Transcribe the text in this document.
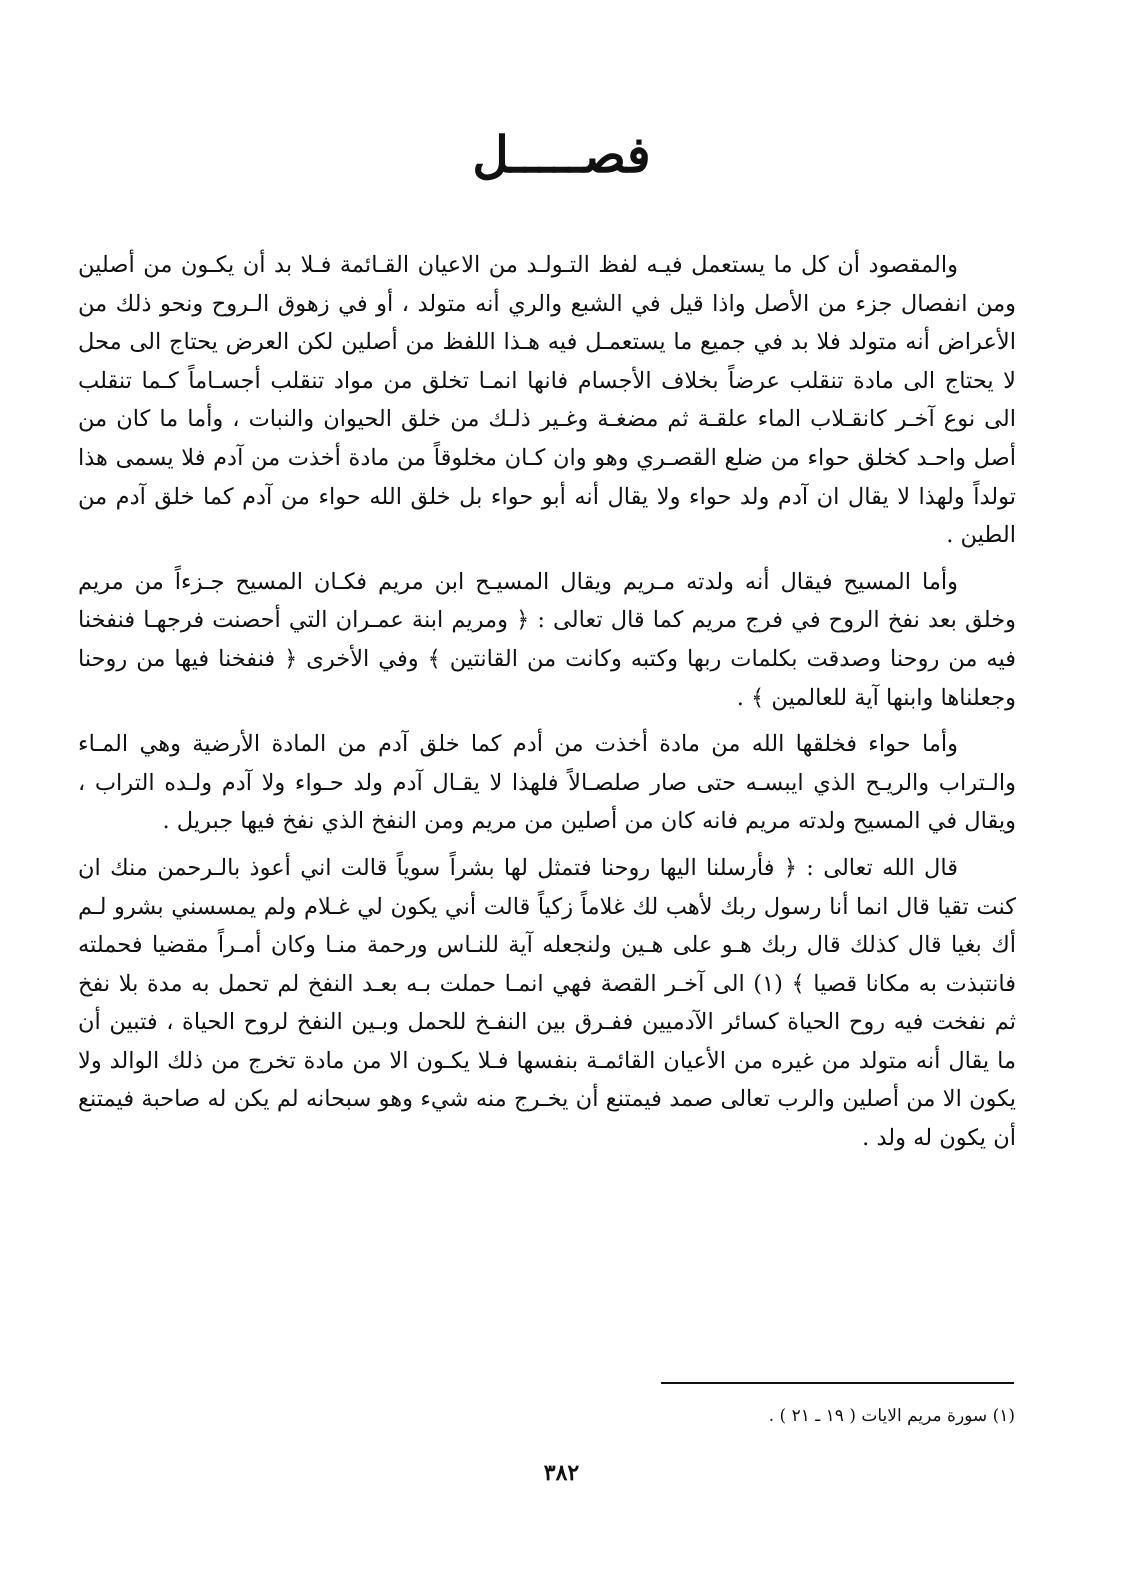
فصـــــل

والمقصود أن كل ما يستعمل فيـه لفظ التـولـد من الاعيان القـائمة فـلا بد أن يكـون من أصلين ومن انفصال جزء من الأصل واذا قيل في الشبع والري أنه متولد ، أو في زهوق الـروح ونحو ذلك من الأعراض أنه متولد فلا بد في جميع ما يستعمـل فيه هـذا اللفظ من أصلين لكن العرض يحتاج الى محل لا يحتاج الى مادة تنقلب عرضاً بخلاف الأجسام فانها انمـا تخلق من مواد تنقلب أجسـاماً كـما تنقلب الى نوع آخـر كانقـلاب الماء علقـة ثم مضغـة وغـير ذلـك من خلق الحيوان والنبات ، وأما ما كان من أصل واحـد كخلق حواء من ضلع القصـري وهو وان كـان مخلوقاً من مادة أخذت من آدم فلا يسمى هذا تولداً ولهذا لا يقال ان آدم ولد حواء ولا يقال أنه أبو حواء بل خلق الله حواء من آدم كما خلق آدم من الطين .

وأما المسيح فيقال أنه ولدته مـريم ويقال المسيـح ابن مريم فكـان المسيح جـزءاً من مريم وخلق بعد نفخ الروح في فرج مريم كما قال تعالى : ﴿ ومريم ابنة عمـران التي أحصنت فرجهـا فنفخنا فيه من روحنا وصدقت بكلمات ربها وكتبه وكانت من القانتين ﴾ وفي الأخرى ﴿ فنفخنا فيها من روحنا وجعلناها وابنها آية للعالمين ﴾ .

وأما حواء فخلقها الله من مادة أخذت من أدم كما خلق آدم من المادة الأرضية وهي المـاء والـتراب والريـح الذي ايبسـه حتى صار صلصـالاً فلهذا لا يقـال آدم ولد حـواء ولا آدم ولـده التراب ، ويقال في المسيح ولدته مريم فانه كان من أصلين من مريم ومن النفخ الذي نفخ فيها جبريل .

قال الله تعالى : ﴿ فأرسلنا اليها روحنا فتمثل لها بشراً سوياً قالت اني أعوذ بالـرحمن منك ان كنت تقيا قال انما أنا رسول ربك لأهب لك غلاماً زكياً قالت أني يكون لي غـلام ولم يمسسني بشرو لـم أك بغيا قال كذلك قال ربك هـو على هـين ولنجعله آية للنـاس ورحمة منـا وكان أمـراً مقضيا فحملته فانتبذت به مكانا قصيا ﴾ (١) الى آخـر القصة فهي انمـا حملت بـه بعـد النفخ لم تحمل به مدة بلا نفخ ثم نفخت فيه روح الحياة كسائر الآدميين ففـرق بين النفـخ للحمل وبـين النفخ لروح الحياة ، فتبين أن ما يقال أنه متولد من غيره من الأعيان القائمـة بنفسها فـلا يكـون الا من مادة تخرج من ذلك الوالد ولا يكون الا من أصلين والرب تعالى صمد فيمتنع أن يخـرج منه شيء وهو سبحانه لم يكن له صاحبة فيمتنع أن يكون له ولد .

(١) سورة مريم الايات ( ١٩ ـ ٢١ ) .
٣٨٢
